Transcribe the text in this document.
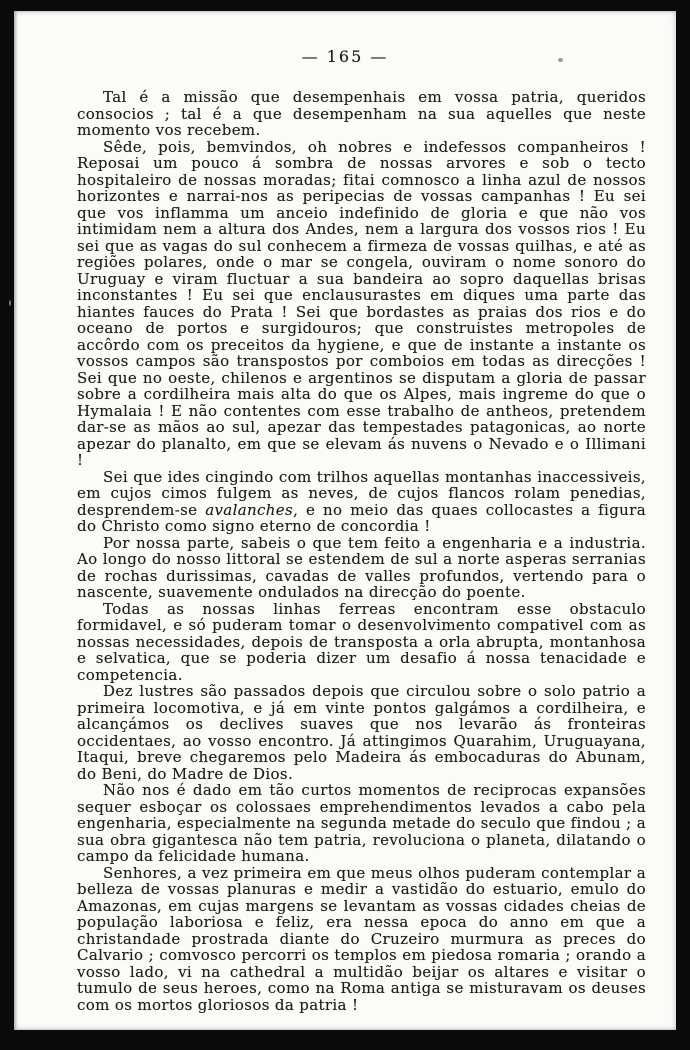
— 165 —

Tal é a missão que desempenhais em vossa patria, queridos consocios ; tal é a que desempenham na sua aquelles que neste momento vos recebem.

Sêde, pois, bemvindos, oh nobres e indefessos companheiros ! Reposai um pouco á sombra de nossas arvores e sob o tecto hospitaleiro de nossas moradas; fitai comnosco a linha azul de nossos horizontes e narrai-nos as peripecias de vossas campanhas ! Eu sei que vos inflamma um anceio indefinido de gloria e que não vos intimidam nem a altura dos Andes, nem a largura dos vossos rios ! Eu sei que as vagas do sul conhecem a firmeza de vossas quilhas, e até as regiões polares, onde o mar se congela, ouviram o nome sonoro do Uruguay e viram fluctuar a sua bandeira ao sopro daquellas brisas inconstantes ! Eu sei que enclausurastes em diques uma parte das hiantes fauces do Prata ! Sei que bordastes as praias dos rios e do oceano de portos e surgidouros; que construistes metropoles de accôrdo com os preceitos da hygiene, e que de instante a instante os vossos campos são transpostos por comboios em todas as direcções ! Sei que no oeste, chilenos e argentinos se disputam a gloria de passar sobre a cordilheira mais alta do que os Alpes, mais ingreme do que o Hymalaia ! E não contentes com esse trabalho de antheos, pretendem dar-se as mãos ao sul, apezar das tempestades patagonicas, ao norte apezar do planalto, em que se elevam ás nuvens o Nevado e o Illimani !

Sei que ides cingindo com trilhos aquellas montanhas inaccessiveis, em cujos cimos fulgem as neves, de cujos flancos rolam penedias, desprendem-se avalanches, e no meio das quaes collocastes a figura do Christo como signo eterno de concordia !

Por nossa parte, sabeis o que tem feito a engenharia e a industria. Ao longo do nosso littoral se estendem de sul a norte asperas serranias de rochas durissimas, cavadas de valles profundos, vertendo para o nascente, suavemente ondulados na direcção do poente.

Todas as nossas linhas ferreas encontram esse obstaculo formidavel, e só puderam tomar o desenvolvimento compativel com as nossas necessidades, depois de transposta a orla abrupta, montanhosa e selvatica, que se poderia dizer um desafio á nossa tenacidade e competencia.

Dez lustres são passados depois que circulou sobre o solo patrio a primeira locomotiva, e já em vinte pontos galgámos a cordilheira, e alcançámos os declives suaves que nos levarão ás fronteiras occidentaes, ao vosso encontro. Já attingimos Quarahim, Uruguayana, Itaqui, breve chegaremos pelo Madeira ás embocaduras do Abunam, do Beni, do Madre de Dios.

Não nos é dado em tão curtos momentos de reciprocas expansões sequer esboçar os colossaes emprehendimentos levados a cabo pela engenharia, especialmente na segunda metade do seculo que findou ; a sua obra gigantesca não tem patria, revoluciona o planeta, dilatando o campo da felicidade humana.

Senhores, a vez primeira em que meus olhos puderam contemplar a belleza de vossas planuras e medir a vastidão do estuario, emulo do Amazonas, em cujas margens se levantam as vossas cidades cheias de população laboriosa e feliz, era nessa epoca do anno em que a christandade prostrada diante do Cruzeiro murmura as preces do Calvario ; comvosco percorri os templos em piedosa romaria ; orando a vosso lado, vi na cathedral a multidão beijar os altares e visitar o tumulo de seus heroes, como na Roma antiga se misturavam os deuses com os mortos gloriosos da patria !
